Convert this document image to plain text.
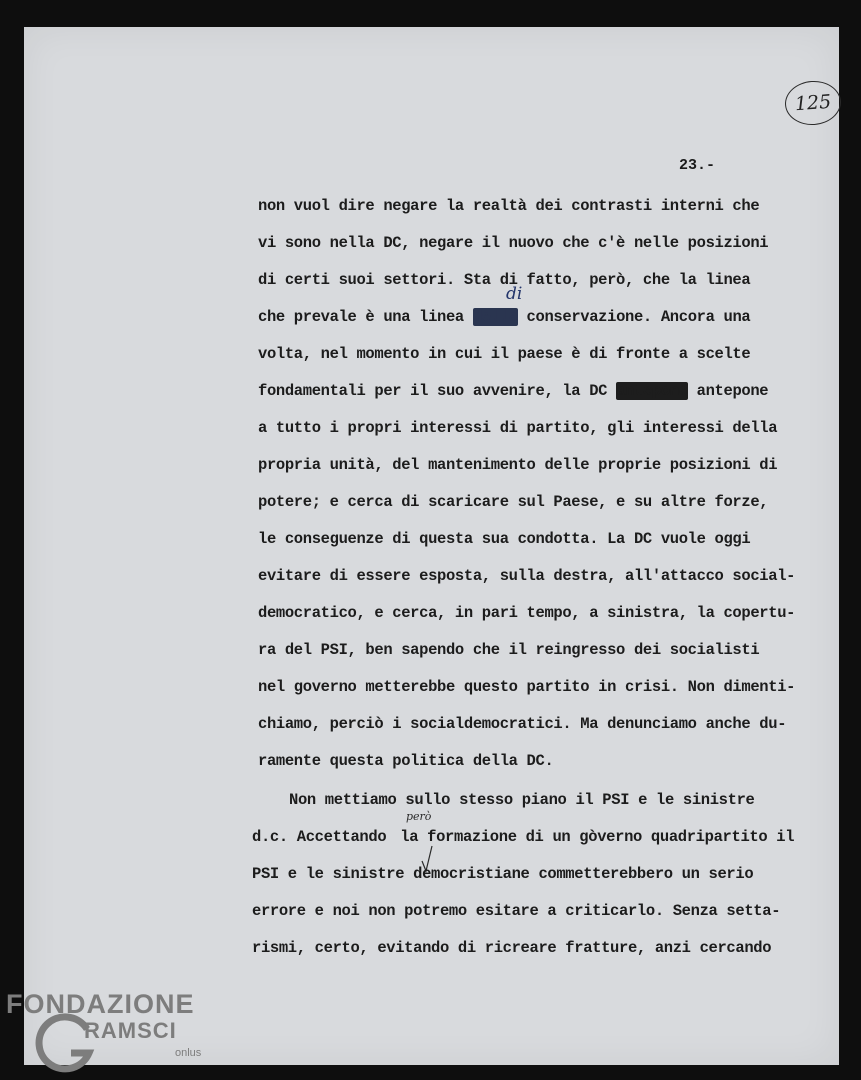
125
23.-

non vuol dire negare la realtà dei contrasti interni che

vi sono nella DC, negare il nuovo che c'è nelle posizioni

di certi suoi settori. Sta di fatto, però, che la linea

che prevale è una linea della conservazione. Ancora una

di

volta, nel momento in cui il paese è di fronte a scelte

fondamentali per il suo avvenire, la DC antepone antepone

a tutto i propri interessi di partito, gli interessi della

propria unità, del mantenimento delle proprie posizioni di

potere; e cerca di scaricare sul Paese, e su altre forze,

le conseguenze di questa sua condotta. La DC vuole oggi

evitare di essere esposta, sulla destra, all'attacco social-

democratico, e cerca, in pari tempo, a sinistra, la copertu-

ra del PSI, ben sapendo che il reingresso dei socialisti

nel governo metterebbe questo partito in crisi. Non dimenti-

chiamo, perciò i socialdemocratici. Ma denunciamo anche du-

ramente questa politica della DC.

Non mettiamo sullo stesso piano il PSI e le sinistre

d.c. Accettando la formazione di un gòverno quadripartito il

però

PSI e le sinistre democristiane commetterebbero un serio

errore e noi non potremo esitare a criticarlo. Senza setta-

rismi, certo, evitando di ricreare fratture, anzi cercando

FONDAZIONE
RAMSCI
onlus
